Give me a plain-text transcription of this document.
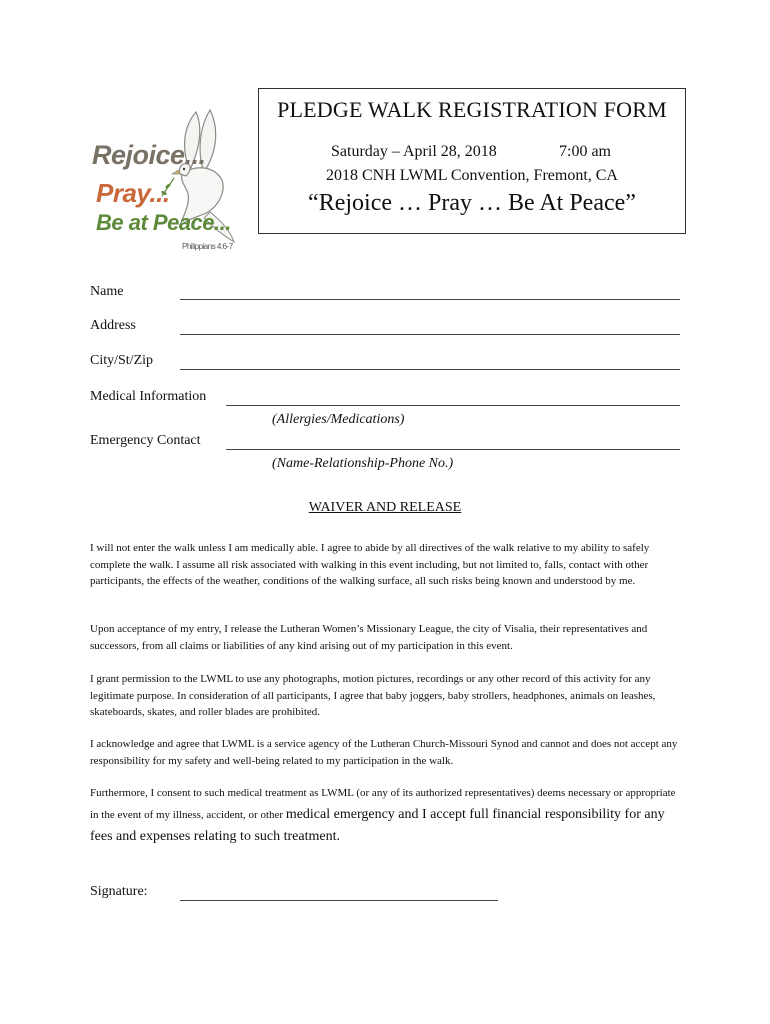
Rejoice...
Pray...
Be at Peace...
Philippians 4:6-7
PLEDGE WALK REGISTRATION FORM
Saturday – April 28, 2018	7:00 am
2018 CNH LWML Convention, Fremont, CA
“Rejoice … Pray … Be At Peace”
Name
Address
City/St/Zip
Medical Information
(Allergies/Medications)
Emergency Contact
(Name-Relationship-Phone No.)
WAIVER AND RELEASE

I will not enter the walk unless I am medically able. I agree to abide by all directives of the walk relative to my ability to safely complete the walk. I assume all risk associated with walking in this event including, but not limited to, falls, contact with other participants, the effects of the weather, conditions of the walking surface, all such risks being known and understood by me.

Upon acceptance of my entry, I release the Lutheran Women’s Missionary League, the city of Visalia, their representatives and successors, from all claims or liabilities of any kind arising out of my participation in this event.

I grant permission to the LWML to use any photographs, motion pictures, recordings or any other record of this activity for any legitimate purpose. In consideration of all participants, I agree that baby joggers, baby strollers, headphones, animals on leashes, skateboards, skates, and roller blades are prohibited.

I acknowledge and agree that LWML is a service agency of the Lutheran Church-Missouri Synod and cannot and does not accept any responsibility for my safety and well-being related to my participation in the walk.

Furthermore, I consent to such medical treatment as LWML (or any of its authorized representatives) deems necessary or appropriate in the event of my illness, accident, or other medical emergency and I accept full financial responsibility for any fees and expenses relating to such treatment.

Signature:
